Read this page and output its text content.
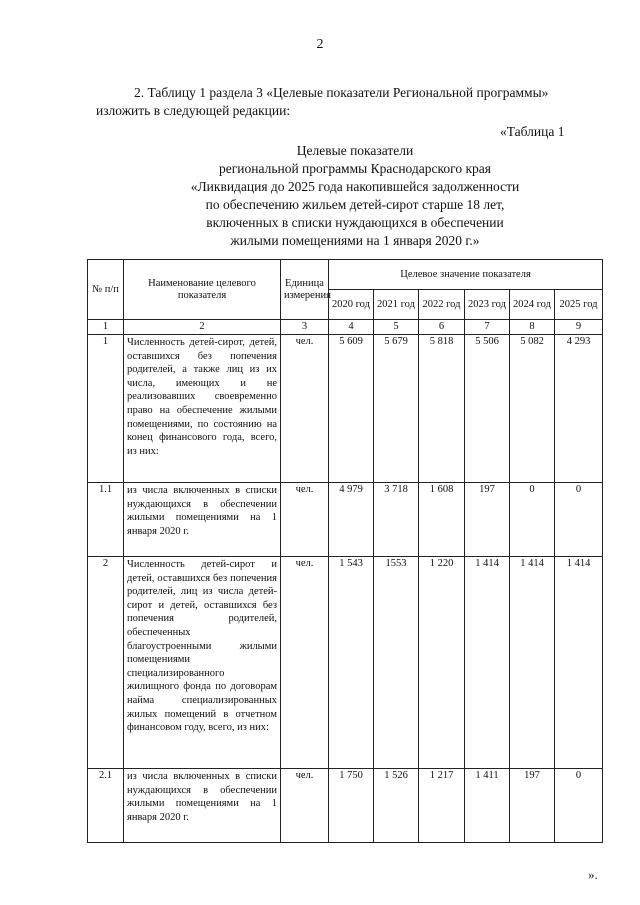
2
2. Таблицу 1 раздела 3 «Целевые показатели Региональной программы»
изложить в следующей редакции:
«Таблица 1
Целевые показатели
региональной программы Краснодарского края
«Ликвидация до 2025 года накопившейся задолженности
по обеспечению жильем детей-сирот старше 18 лет,
включенных в списки нуждающихся в обеспечении
жилыми помещениями на 1 января 2020 г.»
№ п/п	Наименование целевого показателя	Единица измерения	Целевое значение показателя					
			2020 год	2021 год	2022 год	2023 год	2024 год	2025 год
1	2	3	4	5	6	7	8	9
1	Численность детей-сирот, детей, оставшихся без попечения родителей, а также лиц из их числа, имеющих и не реализовавших своевременно право на обеспечение жилыми помещениями, по состоянию на конец финансового года, всего, из них:	чел.	5 609	5 679	5 818	5 506	5 082	4 293
1.1	из числа включенных в списки нуждающихся в обеспечении жилыми помещениями на 1 января 2020 г.	чел.	4 979	3 718	1 608	197	0	0
2	Численность детей-сирот и детей, оставшихся без попечения родителей, лиц из числа детей-сирот и детей, оставшихся без попечения родителей, обеспеченных благоустроенными жилыми помещениями специализированного жилищного фонда по договорам найма специализированных жилых помещений в отчетном финансовом году, всего, из них:	чел.	1 543	1553	1 220	1 414	1 414	1 414
2.1	из числа включенных в списки нуждающихся в обеспечении жилыми помещениями на 1 января 2020 г.	чел.	1 750	1 526	1 217	1 411	197	0
».
